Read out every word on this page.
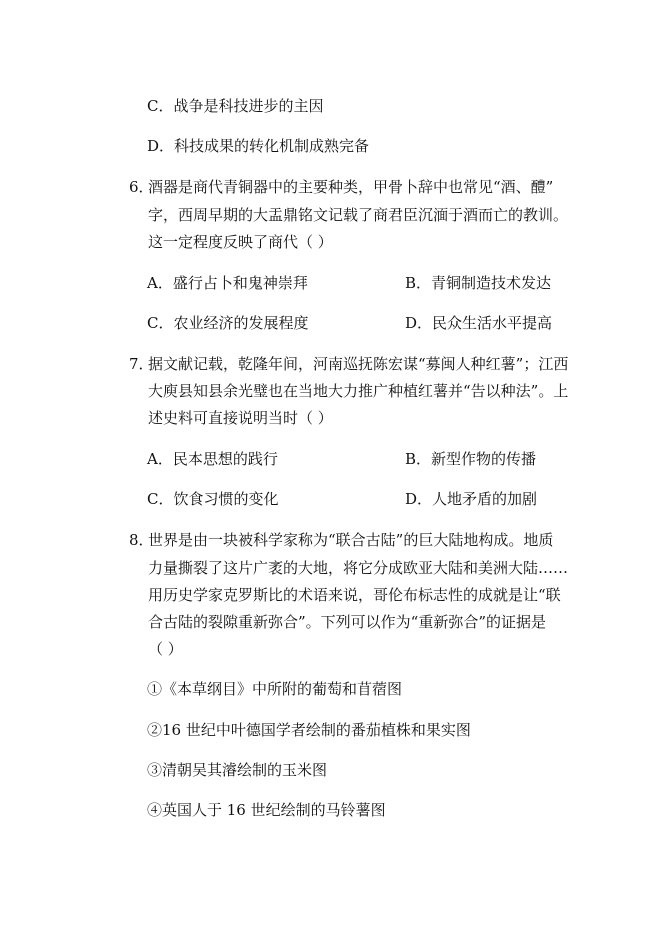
C．战争是科技进步的主因
D．科技成果的转化机制成熟完备
6．
酒器是商代青铜器中的主要种类，甲骨卜辞中也常见“酒、醴”
字，西周早期的大盂鼎铭文记载了商君臣沉湎于酒而亡的教训。
这一定程度反映了商代（ ）
A．盛行占卜和鬼神崇拜	B．青铜制造技术发达
C．农业经济的发展程度	D．民众生活水平提高
7．
据文献记载，乾隆年间，河南巡抚陈宏谋“募闽人种红薯”；江西
大庾县知县余光璧也在当地大力推广种植红薯并“告以种法”。上
述史料可直接说明当时（ ）
A．民本思想的践行	B．新型作物的传播
C．饮食习惯的变化	D．人地矛盾的加剧
8．
世界是由一块被科学家称为“联合古陆”的巨大陆地构成。地质
力量撕裂了这片广袤的大地，将它分成欧亚大陆和美洲大陆……
用历史学家克罗斯比的术语来说，哥伦布标志性的成就是让“联
合古陆的裂隙重新弥合”。下列可以作为“重新弥合”的证据是
（ ）
①《本草纲目》中所附的葡萄和苜蓿图
②16 世纪中叶德国学者绘制的番茄植株和果实图
③清朝吴其濬绘制的玉米图
④英国人于 16 世纪绘制的马铃薯图
